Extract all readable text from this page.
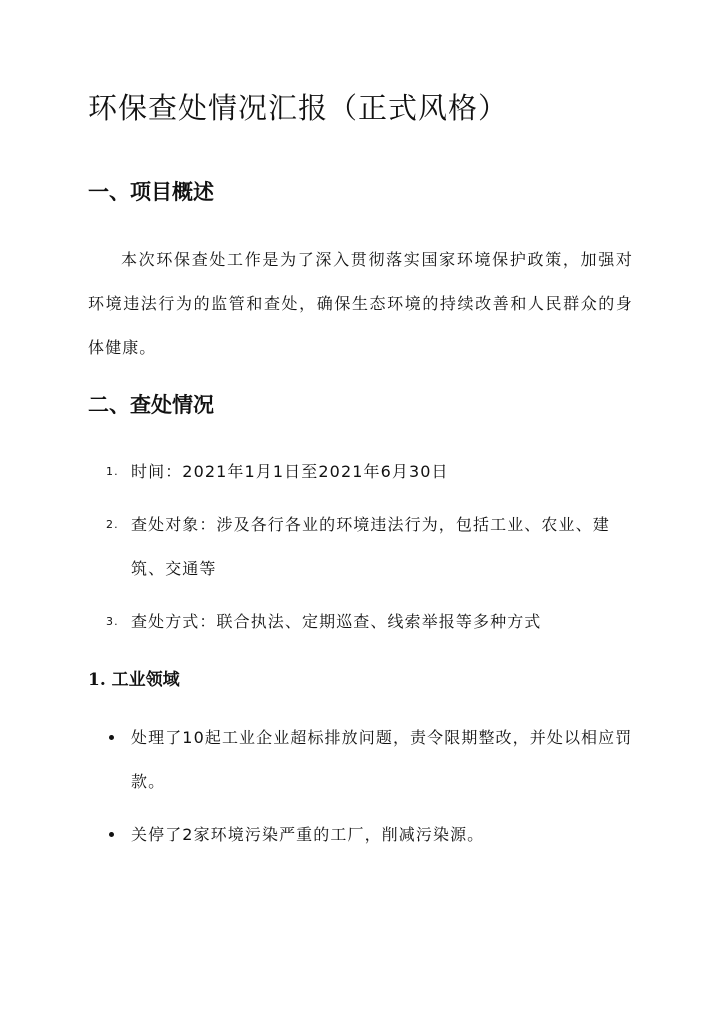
环保查处情况汇报（正式风格）
一、项目概述

本次环保查处工作是为了深入贯彻落实国家环境保护政策，加强对环境违法行为的监管和查处，确保生态环境的持续改善和人民群众的身体健康。

二、查处情况
1. 时间：2021年1月1日至2021年6月30日
2. 查处对象：涉及各行各业的环境违法行为，包括工业、农业、建筑、交通等
3. 查处方式：联合执法、定期巡查、线索举报等多种方式
1. 工业领域
处理了10起工业企业超标排放问题，责令限期整改，并处以相应罚款。
关停了2家环境污染严重的工厂，削减污染源。
